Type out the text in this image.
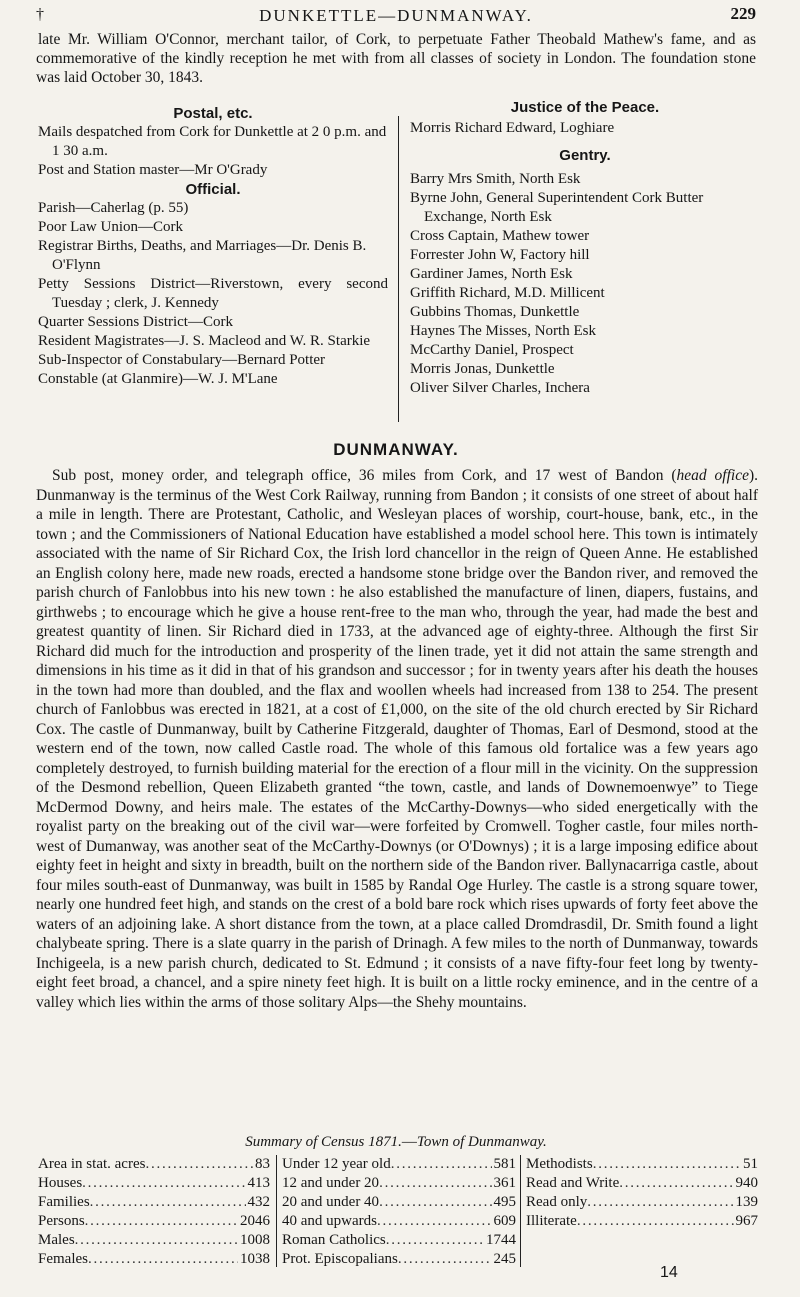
†	DUNKETTLE—DUNMANWAY.	229

late Mr. William O'Connor, merchant tailor, of Cork, to perpetuate Father Theobald Mathew's fame, and as commemorative of the kindly reception he met with from all classes of society in London. The foundation stone was laid October 30, 1843.

Postal, etc.

Mails despatched from Cork for Dunkettle at 2 0 p.m. and 1 30 a.m.

Post and Station master—Mr O'Grady

Official.

Parish—Caherlag (p. 55)

Poor Law Union—Cork

Registrar Births, Deaths, and Marriages—Dr. Denis B. O'Flynn

Petty Sessions District—Riverstown, every second Tuesday ; clerk, J. Kennedy

Quarter Sessions District—Cork

Resident Magistrates—J. S. Macleod and W. R. Starkie

Sub-Inspector of Constabulary—Bernard Potter

Constable (at Glanmire)—W. J. M'Lane

Justice of the Peace.

Morris Richard Edward, Loghiare

Gentry.

Barry Mrs Smith, North Esk

Byrne John, General Superintendent Cork Butter Exchange, North Esk

Cross Captain, Mathew tower

Forrester John W, Factory hill

Gardiner James, North Esk

Griffith Richard, M.D. Millicent

Gubbins Thomas, Dunkettle

Haynes The Misses, North Esk

McCarthy Daniel, Prospect

Morris Jonas, Dunkettle

Oliver Silver Charles, Inchera

DUNMANWAY.

Sub post, money order, and telegraph office, 36 miles from Cork, and 17 west of Bandon (head office). Dunmanway is the terminus of the West Cork Railway, running from Bandon ; it consists of one street of about half a mile in length. There are Protestant, Catholic, and Wesleyan places of worship, court-house, bank, etc., in the town ; and the Commissioners of National Education have established a model school here. This town is intimately associated with the name of Sir Richard Cox, the Irish lord chancellor in the reign of Queen Anne. He established an English colony here, made new roads, erected a handsome stone bridge over the Bandon river, and removed the parish church of Fanlobbus into his new town : he also established the manufacture of linen, diapers, fustains, and girthwebs ; to encourage which he give a house rent-free to the man who, through the year, had made the best and greatest quantity of linen. Sir Richard died in 1733, at the advanced age of eighty-three. Although the first Sir Richard did much for the introduction and prosperity of the linen trade, yet it did not attain the same strength and dimensions in his time as it did in that of his grandson and successor ; for in twenty years after his death the houses in the town had more than doubled, and the flax and woollen wheels had increased from 138 to 254. The present church of Fanlobbus was erected in 1821, at a cost of £1,000, on the site of the old church erected by Sir Richard Cox. The castle of Dunmanway, built by Catherine Fitzgerald, daughter of Thomas, Earl of Desmond, stood at the western end of the town, now called Castle road. The whole of this famous old fortalice was a few years ago completely destroyed, to furnish building material for the erection of a flour mill in the vicinity. On the suppression of the Desmond rebellion, Queen Elizabeth granted “the town, castle, and lands of Downemoenwye” to Tiege McDermod Downy, and heirs male. The estates of the McCarthy-Downys—who sided energetically with the royalist party on the breaking out of the civil war—were forfeited by Cromwell. Togher castle, four miles north-west of Dumanway, was another seat of the McCarthy-Downys (or O'Downys) ; it is a large imposing edifice about eighty feet in height and sixty in breadth, built on the northern side of the Bandon river. Ballynacarriga castle, about four miles south-east of Dunmanway, was built in 1585 by Randal Oge Hurley. The castle is a strong square tower, nearly one hundred feet high, and stands on the crest of a bold bare rock which rises upwards of forty feet above the waters of an adjoining lake. A short distance from the town, at a place called Dromdrasdil, Dr. Smith found a light chalybeate spring. There is a slate quarry in the parish of Drinagh. A few miles to the north of Dunmanway, towards Inchigeela, is a new parish church, dedicated to St. Edmund ; it consists of a nave fifty-four feet long by twenty-eight feet broad, a chancel, and a spire ninety feet high. It is built on a little rocky eminence, and in the centre of a valley which lies within the arms of those solitary Alps—the Shehy mountains.

Summary of Census 1871.—Town of Dunmanway.
Area in stat. acres . . .	83
Houses . . .	413
Families . . .	432
Persons . . .	2046
Males . . .	1008
Females . . .	1038
Under 12 year old . . .	581
12 and under 20 . . .	361
20 and under 40 . . .	495
40 and upwards . . .	609
Roman Catholics . . .	1744
Prot. Episcopalians . . .	245
Methodists . . .	51
Read and Write . . .	940
Read only . . .	139
Illiterate . . .	967
14
